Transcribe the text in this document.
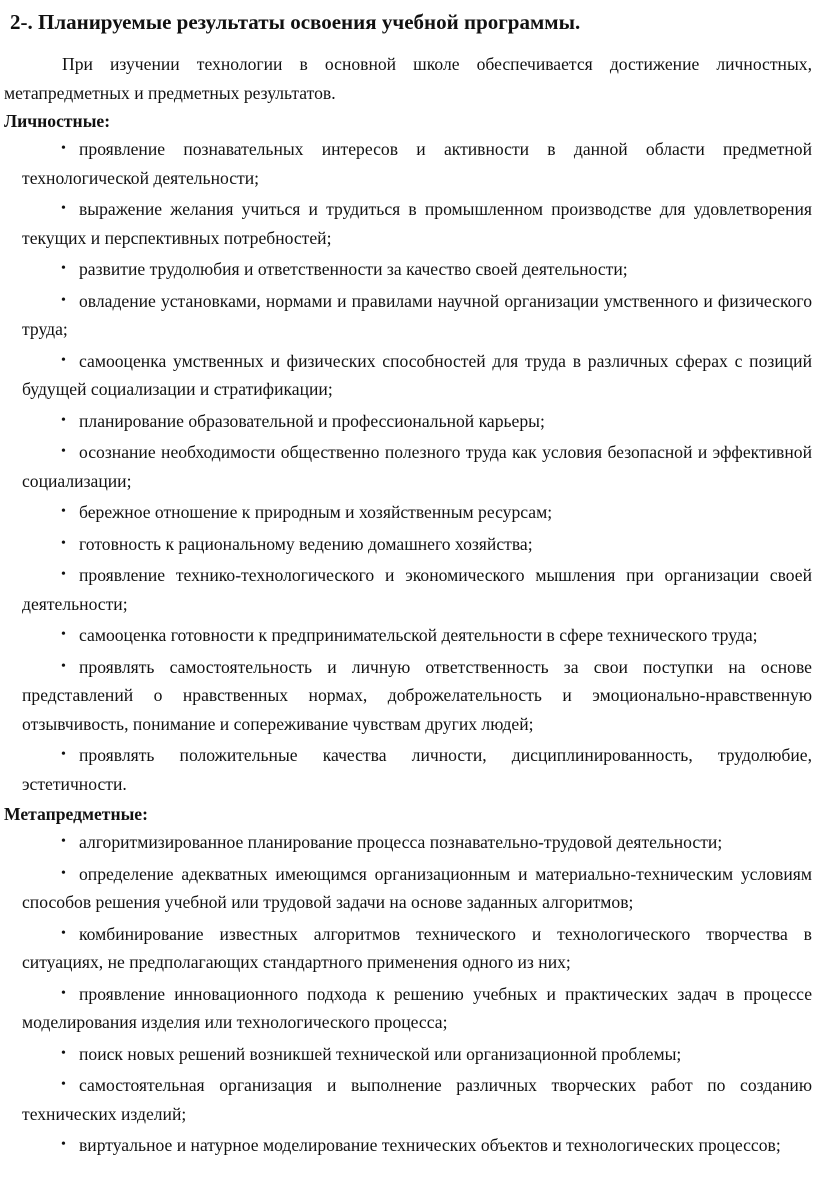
2-. Планируемые результаты освоения учебной программы.

При изучении технологии в основной школе обеспечивается достижение личностных, метапредметных и предметных результатов.

Личностные:
• проявление познавательных интересов и активности в данной области предметной технологической деятельности;
• выражение желания учиться и трудиться в промышленном производстве для удовлетворения текущих и перспективных потребностей;
• развитие трудолюбия и ответственности за качество своей деятельности;
• овладение установками, нормами и правилами научной организации умственного и физического труда;
• самооценка умственных и физических способностей для труда в различных сферах с позиций будущей социализации и стратификации;
• планирование образовательной и профессиональной карьеры;
• осознание необходимости общественно полезного труда как условия безопасной и эффективной социализации;
• бережное отношение к природным и хозяйственным ресурсам;
• готовность к рациональному ведению домашнего хозяйства;
• проявление технико-технологического и экономического мышления при организации своей деятельности;
• самооценка готовности к предпринимательской деятельности в сфере технического труда;
• проявлять самостоятельность и личную ответственность за свои поступки на основе представлений о нравственных нормах, доброжелательность и эмоционально-нравственную отзывчивость, понимание и сопереживание чувствам других людей;
• проявлять положительные качества личности, дисциплинированность, трудолюбие, эстетичности.
Метапредметные:
• алгоритмизированное планирование процесса познавательно-трудовой деятельности;
• определение адекватных имеющимся организационным и материально-техническим условиям способов решения учебной или трудовой задачи на основе заданных алгоритмов;
• комбинирование известных алгоритмов технического и технологического творчества в ситуациях, не предполагающих стандартного применения одного из них;
• проявление инновационного подхода к решению учебных и практических задач в процессе моделирования изделия или технологического процесса;
• поиск новых решений возникшей технической или организационной проблемы;
• самостоятельная организация и выполнение различных творческих работ по созданию технических изделий;
• виртуальное и натурное моделирование технических объектов и технологических процессов;
